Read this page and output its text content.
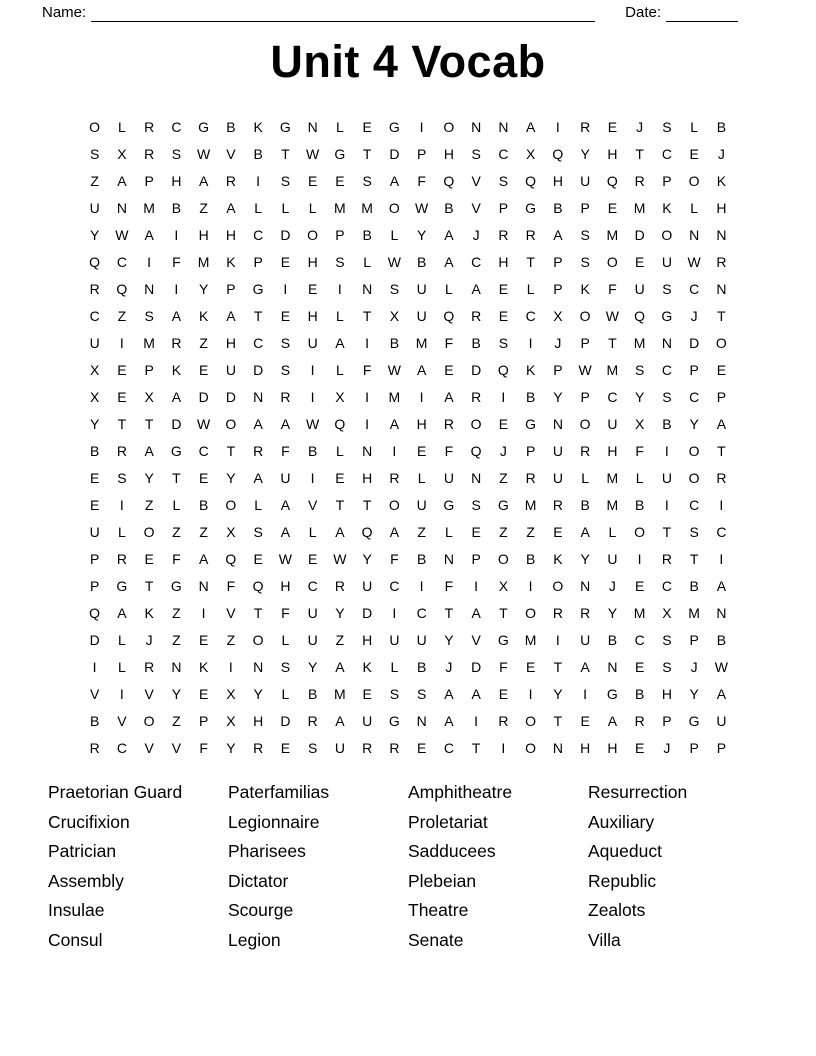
Name:	Date:
Unit 4 Vocab
O	L	R	C	G	B	K	G	N	L	E	G	I	O	N	N	A	I	R	E	J	S	L	B
S	X	R	S	W	V	B	T	W	G	T	D	P	H	S	C	X	Q	Y	H	T	C	E	J
Z	A	P	H	A	R	I	S	E	E	S	A	F	Q	V	S	Q	H	U	Q	R	P	O	K
U	N	M	B	Z	A	L	L	L	M	M	O	W	B	V	P	G	B	P	E	M	K	L	H
Y	W	A	I	H	H	C	D	O	P	B	L	Y	A	J	R	R	A	S	M	D	O	N	N
Q	C	I	F	M	K	P	E	H	S	L	W	B	A	C	H	T	P	S	O	E	U	W	R
R	Q	N	I	Y	P	G	I	E	I	N	S	U	L	A	E	L	P	K	F	U	S	C	N
C	Z	S	A	K	A	T	E	H	L	T	X	U	Q	R	E	C	X	O	W	Q	G	J	T
U	I	M	R	Z	H	C	S	U	A	I	B	M	F	B	S	I	J	P	T	M	N	D	O
X	E	P	K	E	U	D	S	I	L	F	W	A	E	D	Q	K	P	W	M	S	C	P	E
X	E	X	A	D	D	N	R	I	X	I	M	I	A	R	I	B	Y	P	C	Y	S	C	P
Y	T	T	D	W	O	A	A	W	Q	I	A	H	R	O	E	G	N	O	U	X	B	Y	A
B	R	A	G	C	T	R	F	B	L	N	I	E	F	Q	J	P	U	R	H	F	I	O	T
E	S	Y	T	E	Y	A	U	I	E	H	R	L	U	N	Z	R	U	L	M	L	U	O	R
E	I	Z	L	B	O	L	A	V	T	T	O	U	G	S	G	M	R	B	M	B	I	C	I
U	L	O	Z	Z	X	S	A	L	A	Q	A	Z	L	E	Z	Z	E	A	L	O	T	S	C
P	R	E	F	A	Q	E	W	E	W	Y	F	B	N	P	O	B	K	Y	U	I	R	T	I
P	G	T	G	N	F	Q	H	C	R	U	C	I	F	I	X	I	O	N	J	E	C	B	A
Q	A	K	Z	I	V	T	F	U	Y	D	I	C	T	A	T	O	R	R	Y	M	X	M	N
D	L	J	Z	E	Z	O	L	U	Z	H	U	U	Y	V	G	M	I	U	B	C	S	P	B
I	L	R	N	K	I	N	S	Y	A	K	L	B	J	D	F	E	T	A	N	E	S	J	W
V	I	V	Y	E	X	Y	L	B	M	E	S	S	A	A	E	I	Y	I	G	B	H	Y	A
B	V	O	Z	P	X	H	D	R	A	U	G	N	A	I	R	O	T	E	A	R	P	G	U
R	C	V	V	F	Y	R	E	S	U	R	R	E	C	T	I	O	N	H	H	E	J	P	P
Praetorian Guard
Crucifixion
Patrician
Assembly
Insulae
Consul
Paterfamilias
Legionnaire
Pharisees
Dictator
Scourge
Legion
Amphitheatre
Proletariat
Sadducees
Plebeian
Theatre
Senate
Resurrection
Auxiliary
Aqueduct
Republic
Zealots
Villa
